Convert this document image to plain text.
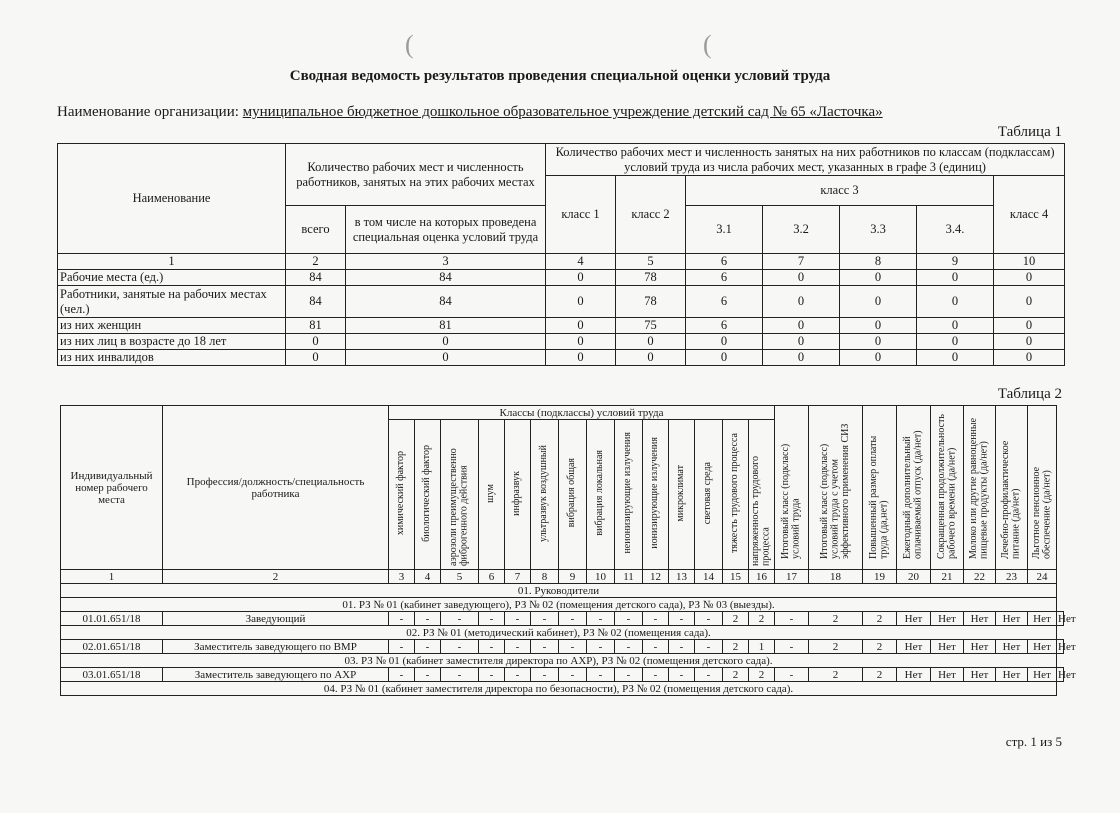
(	(
Сводная ведомость результатов проведения специальной оценки условий труда
Наименование организации: муниципальное бюджетное дошкольное образовательное учреждение детский сад № 65 «Ласточка»
Таблица 1
Наименование	Количество рабочих мест и численность работников, занятых на этих рабочих местах		Количество рабочих мест и численность занятых на них работников по классам (подклассам) условий труда из числа рабочих мест, указанных в графе 3 (единиц)						
			класс 1	класс 2	класс 3				класс 4
	всего	в том числе на которых проведена специальная оценка условий труда			3.1	3.2	3.3	3.4.	
1	2	3	4	5	6	7	8	9	10
Рабочие места (ед.)	84	84	0	78	6	0	0	0	0
Работники, занятые на рабочих местах (чел.)	84	84	0	78	6	0	0	0	0
из них женщин	81	81	0	75	6	0	0	0	0
из них лиц в возрасте до 18 лет	0	0	0	0	0	0	0	0	0
из них инвалидов	0	0	0	0	0	0	0	0	0
Таблица 2
Индивидуальный номер рабочего места	Профессия/должность/специальность работника	Классы (подклассы) условий труда														Итоговый класс (подкласс) условий труда	Итоговый класс (подкласс) условий труда с учетом эффективного применения СИЗ	Повышенный размер оплаты труда (да,нет)	Ежегодный дополнительный оплачиваемый отпуск (да/нет)	Сокращенная продолжительность рабочего времени (да/нет)	Молоко или другие равноценные пищевые продукты (да/нет)	Лечебно-профилактическое питание (да/нет)	Льготное пенсионное обеспечение (да/нет)	
		химический фактор	биологический фактор	аэрозоли преимущественно фиброгенного действия	шум	инфразвук	ультразвук воздушный	вибрация общая	вибрация локальная	неионизирующие излучения	ионизирующие излучения	микроклимат	световая среда	тяжесть трудового процесса	напряженность трудового процесса									
1	2	3	4	5	6	7	8	9	10	11	12	13	14	15	16	17	18	19	20	21	22	23	24	
01. Руководители																								
01. РЗ № 01 (кабинет заведующего), РЗ № 02 (помещения детского сада), РЗ № 03 (выезды).																								
01.01.651/18	Заведующий	-	-	-	-	-	-	-	-	-	-	-	-	2	2	-	2	2	Нет	Нет	Нет	Нет	Нет	Нет
02. РЗ № 01 (методический кабинет), РЗ № 02 (помещения сада).																								
02.01.651/18	Заместитель заведующего по ВМР	-	-	-	-	-	-	-	-	-	-	-	-	2	1	-	2	2	Нет	Нет	Нет	Нет	Нет	Нет
03. РЗ № 01 (кабинет заместителя директора по АХР), РЗ № 02 (помещения детского сада).																								
03.01.651/18	Заместитель заведующего по АХР	-	-	-	-	-	-	-	-	-	-	-	-	2	2	-	2	2	Нет	Нет	Нет	Нет	Нет	Нет
04. РЗ № 01 (кабинет заместителя директора по безопасности), РЗ № 02 (помещения детского сада).																								
стр. 1 из 5
